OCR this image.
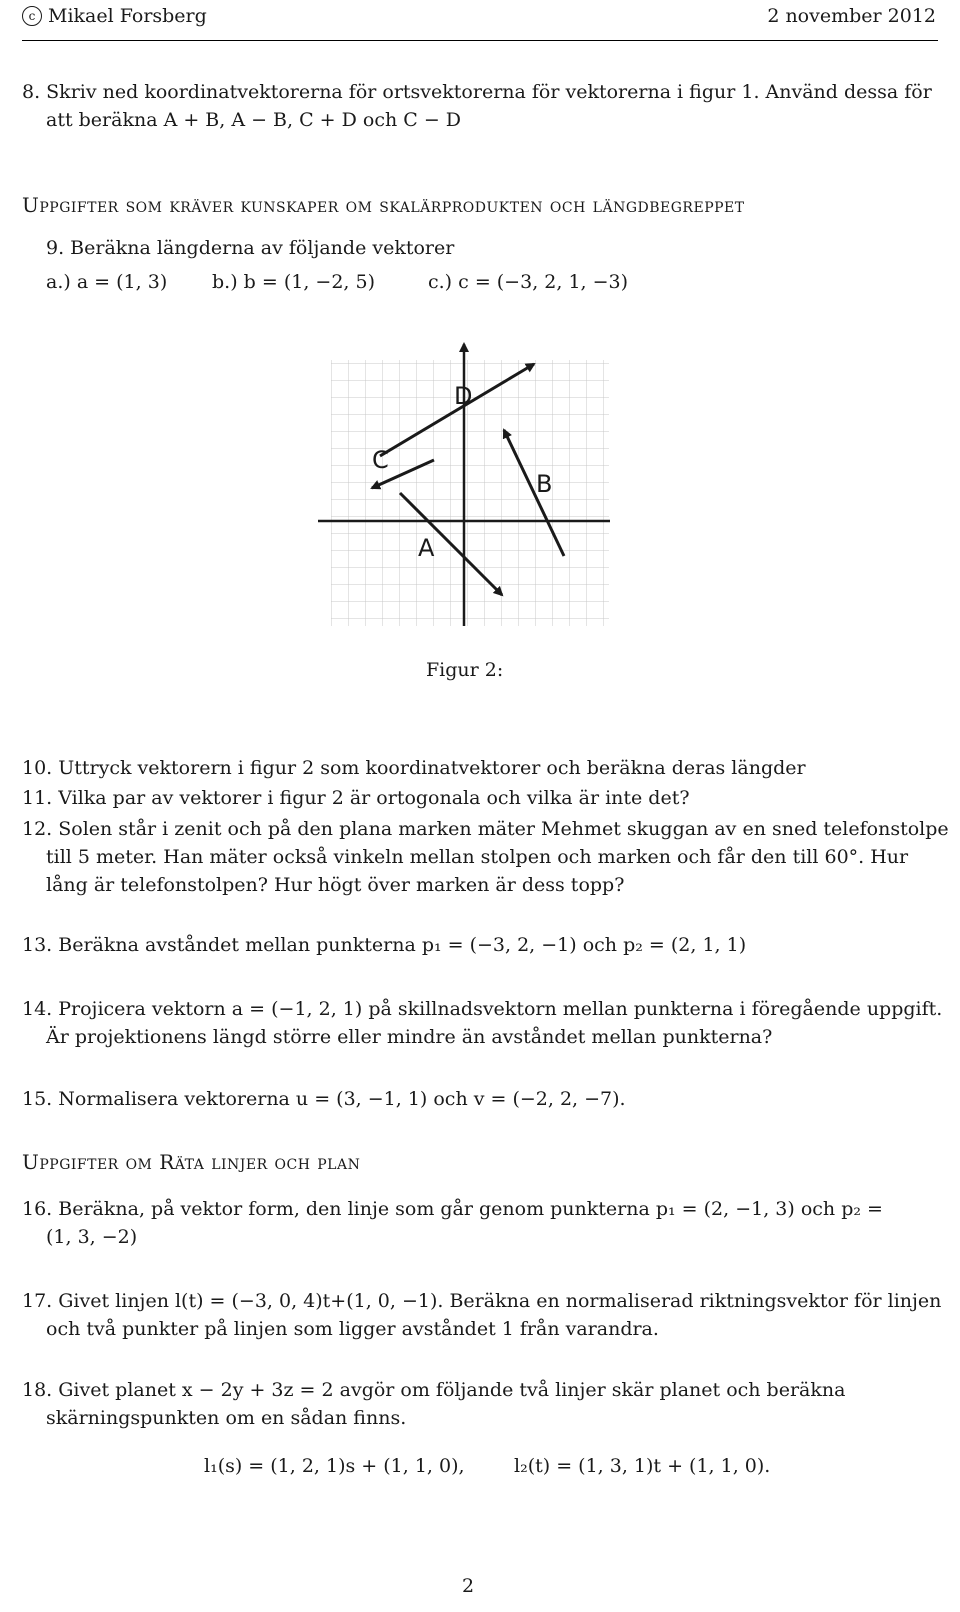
c Mikael Forsberg	2 november 2012
8. Skriv ned koordinatvektorerna för ortsvektorerna för vektorerna i figur 1. Använd dessa för
att beräkna A + B, A − B, C + D och C − D
Uppgifter som kräver kunskaper om skalärprodukten och längdbegreppet
9. Beräkna längderna av följande vektorer
a.) a = (1, 3) b.) b = (1, −2, 5)	c.) c = (−3, 2, 1, −3)
D
C
B
A
Figur 2:
10. Uttryck vektorern i figur 2 som koordinatvektorer och beräkna deras längder
11. Vilka par av vektorer i figur 2 är ortogonala och vilka är inte det?
12. Solen står i zenit och på den plana marken mäter Mehmet skuggan av en sned telefonstolpe
till 5 meter. Han mäter också vinkeln mellan stolpen och marken och får den till 60°. Hur
lång är telefonstolpen? Hur högt över marken är dess topp?
13. Beräkna avståndet mellan punkterna p₁ = (−3, 2, −1) och p₂ = (2, 1, 1)
14. Projicera vektorn a = (−1, 2, 1) på skillnadsvektorn mellan punkterna i föregående uppgift.
Är projektionens längd större eller mindre än avståndet mellan punkterna?
15. Normalisera vektorerna u = (3, −1, 1) och v = (−2, 2, −7).
Uppgifter om Räta linjer och plan
16. Beräkna, på vektor form, den linje som går genom punkterna p₁ = (2, −1, 3) och p₂ =
(1, 3, −2)
17. Givet linjen l(t) = (−3, 0, 4)t+(1, 0, −1). Beräkna en normaliserad riktningsvektor för linjen
och två punkter på linjen som ligger avståndet 1 från varandra.
18. Givet planet x − 2y + 3z = 2 avgör om följande två linjer skär planet och beräkna
skärningspunkten om en sådan finns.
l₁(s) = (1, 2, 1)s + (1, 1, 0),	l₂(t) = (1, 3, 1)t + (1, 1, 0).
2
